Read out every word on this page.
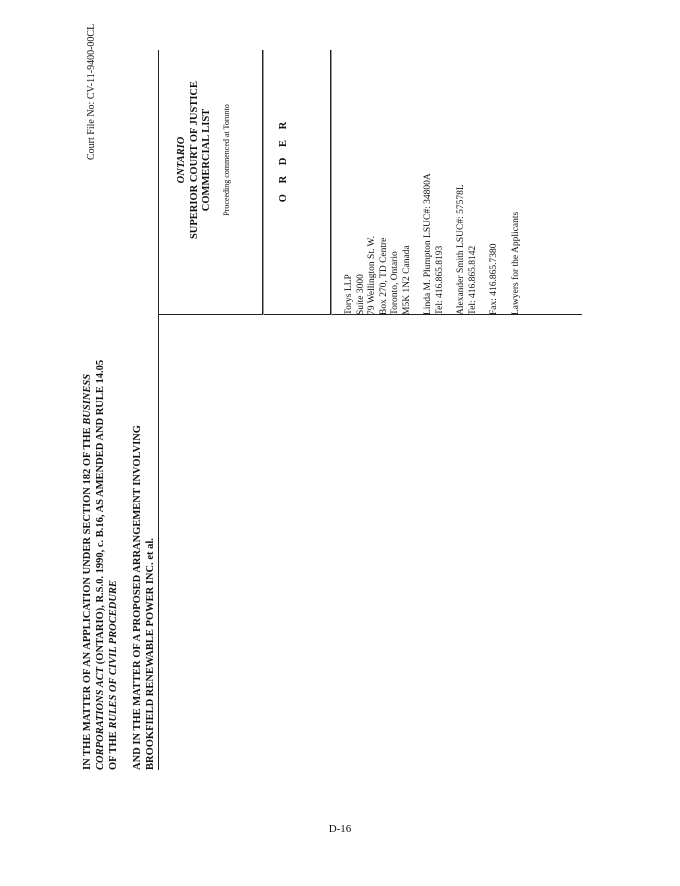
IN THE MATTER OF AN APPLICATION UNDER SECTION 182 OF THE BUSINESS
CORPORATIONS ACT (ONTARIO), R.S.0. 1990, c. B.16, AS AMENDED AND RULE 14.05
OF THE RULES OF CIVIL PROCEDURE AND IN THE MATTER OF A PROPOSED ARRANGEMENT INVOLVING BROOKFIELD RENEWABLE POWER INC. et al.
Court File No: CV-11-9400-00CL	ONTARIO SUPERIOR COURT OF JUSTICE COMMERCIAL LIST Proceeding commenced at Toronto	O R D E R
Torys LLP Suite 3000 79 Wellington St. W. Box 270, TD Centre Toronto, Ontario M5K 1N2 Canada Linda M. Plumpton LSUC#: 34800A Tel: 416.865.8193 Alexander Smith LSUC#: 57578L Tel: 416.865.8142 Fax: 416.865.7380 Lawyers for the Applicants
D-16
